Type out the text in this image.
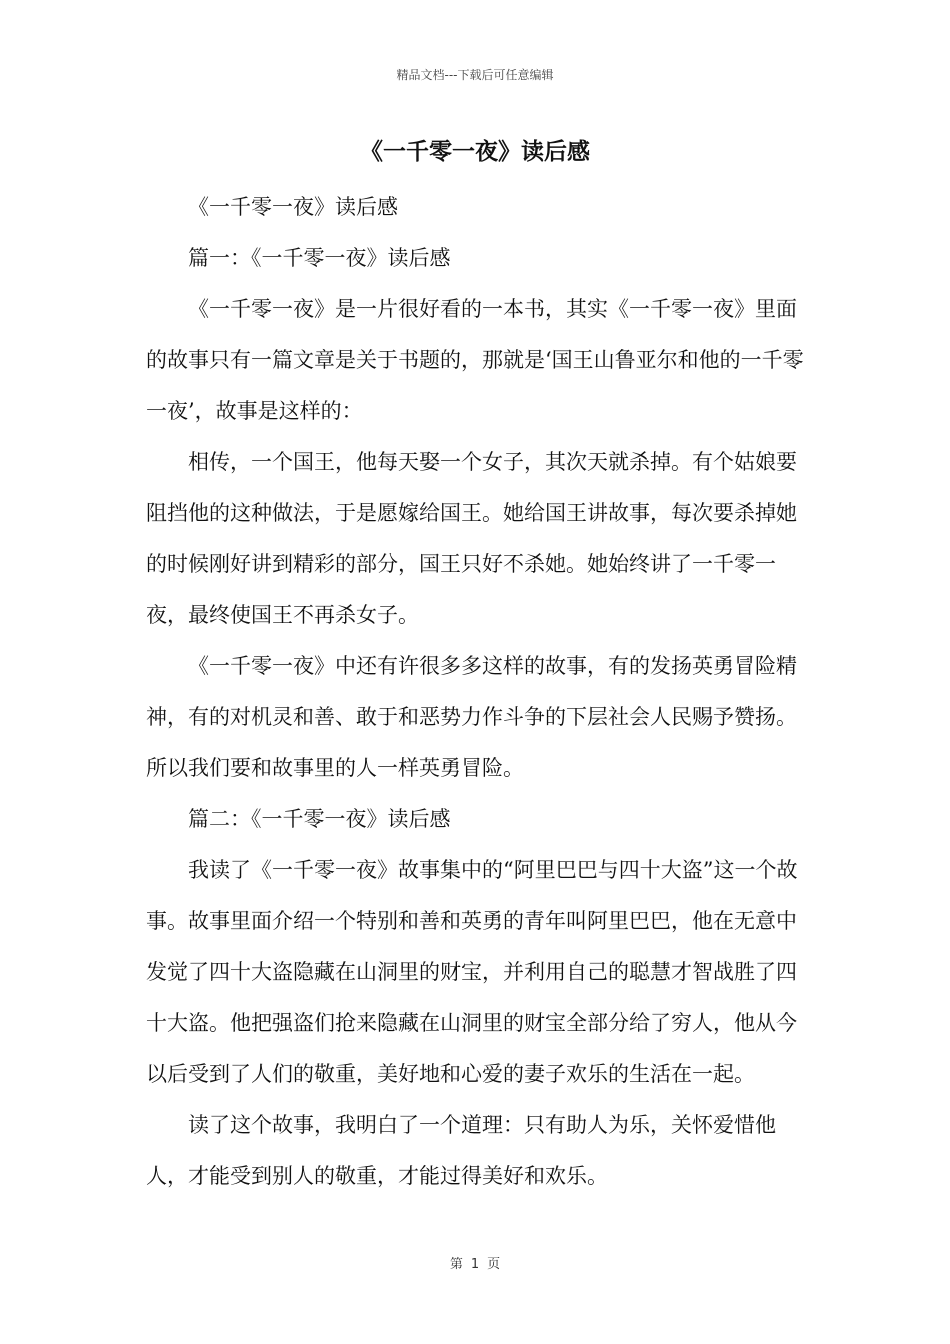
精品文档---下载后可任意编辑
《一千零一夜》读后感

《一千零一夜》读后感

篇一：《一千零一夜》读后感

《一千零一夜》是一片很好看的一本书，其实《一千零一夜》里面的故事只有一篇文章是关于书题的，那就是‘国王山鲁亚尔和他的一千零一夜’，故事是这样的：

相传，一个国王，他每天娶一个女子，其次天就杀掉。有个姑娘要阻挡他的这种做法，于是愿嫁给国王。她给国王讲故事，每次要杀掉她的时候刚好讲到精彩的部分，国王只好不杀她。她始终讲了一千零一夜，最终使国王不再杀女子。

《一千零一夜》中还有许很多多这样的故事，有的发扬英勇冒险精神，有的对机灵和善、敢于和恶势力作斗争的下层社会人民赐予赞扬。所以我们要和故事里的人一样英勇冒险。

篇二：《一千零一夜》读后感

我读了《一千零一夜》故事集中的“阿里巴巴与四十大盗”这一个故事。故事里面介绍一个特别和善和英勇的青年叫阿里巴巴，他在无意中发觉了四十大盗隐藏在山洞里的财宝，并利用自己的聪慧才智战胜了四十大盗。他把强盗们抢来隐藏在山洞里的财宝全部分给了穷人，他从今以后受到了人们的敬重，美好地和心爱的妻子欢乐的生活在一起。

读了这个故事，我明白了一个道理：只有助人为乐，关怀爱惜他人，才能受到别人的敬重，才能过得美好和欢乐。

第 1 页
